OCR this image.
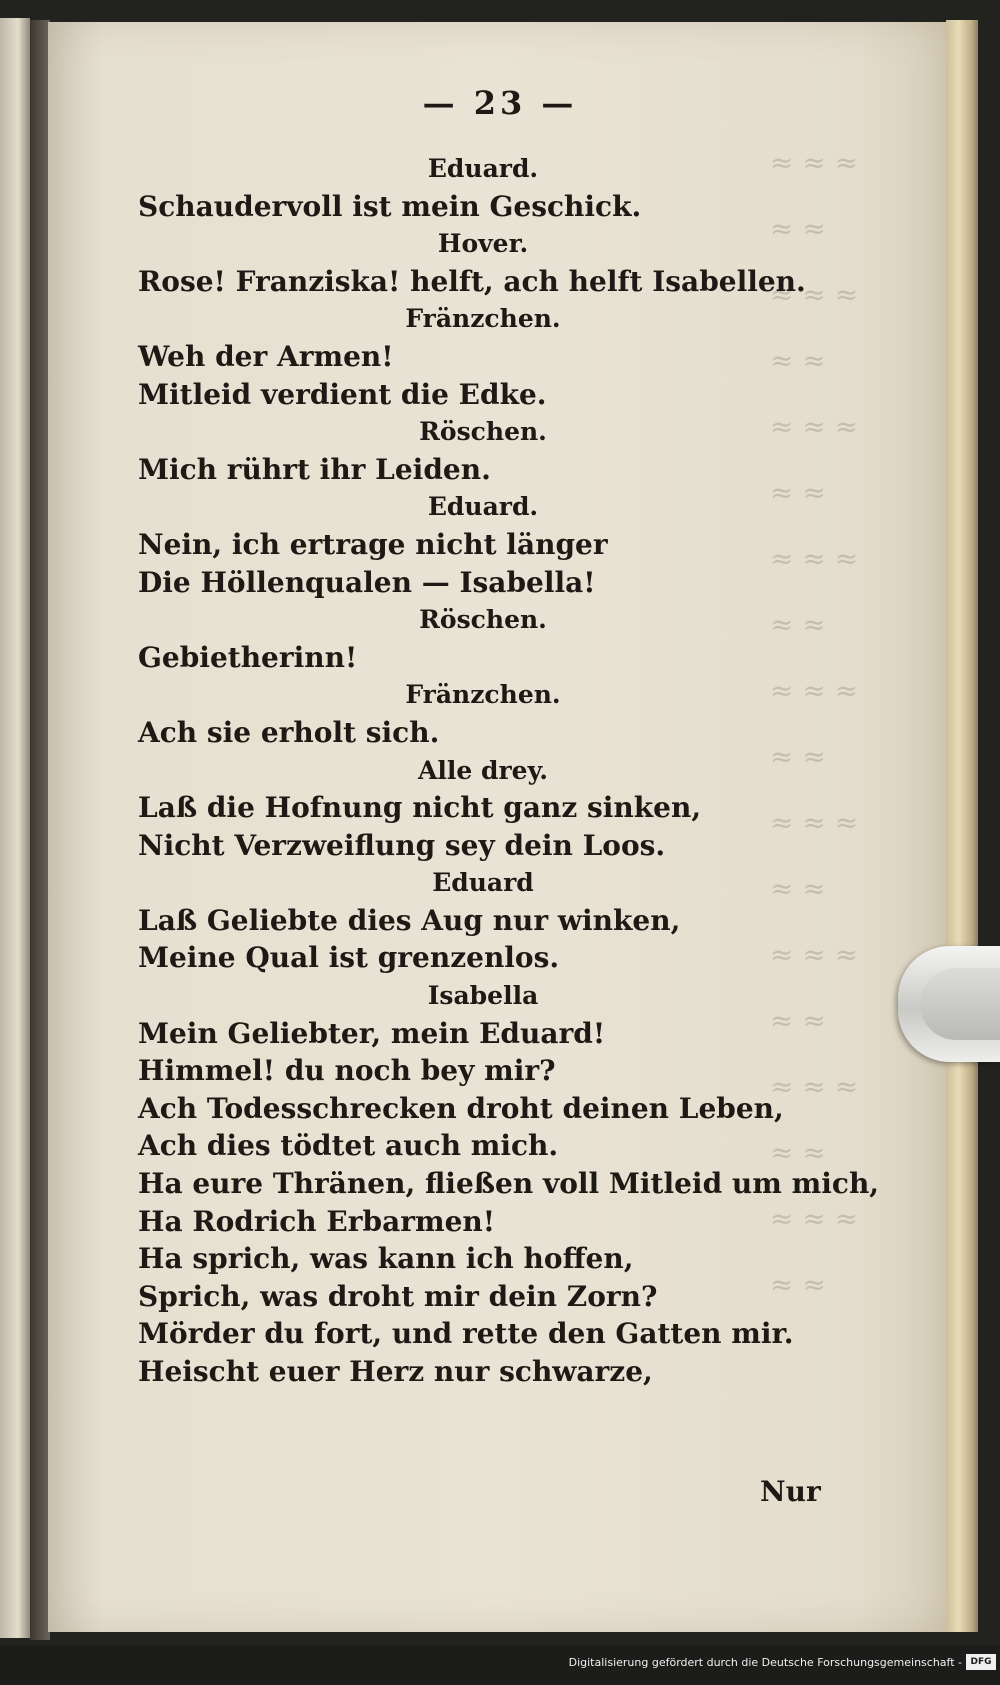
≈ ≈ ≈
≈ ≈
≈ ≈ ≈
≈ ≈
≈ ≈ ≈
≈ ≈
≈ ≈ ≈
≈ ≈
≈ ≈ ≈
≈ ≈
≈ ≈ ≈
≈ ≈
≈ ≈ ≈
≈ ≈
≈ ≈ ≈
≈ ≈
≈ ≈ ≈
≈ ≈
— 23 —
Eduard.
Schaudervoll ist mein Geschick.
Hover.
Rose! Franziska! helft, ach helft Isabellen.
Fränzchen.
Weh der Armen!
Mitleid verdient die Edke.
Röschen.
Mich rührt ihr Leiden.
Eduard.
Nein, ich ertrage nicht länger
Die Höllenqualen — Isabella!
Röschen.
Gebietherinn!
Fränzchen.
Ach sie erholt sich.
Alle drey.
Laß die Hofnung nicht ganz sinken,
Nicht Verzweiflung sey dein Loos.
Eduard
Laß Geliebte dies Aug nur winken,
Meine Qual ist grenzenlos.
Isabella
Mein Geliebter, mein Eduard!
Himmel! du noch bey mir?
Ach Todesschrecken droht deinen Leben,
Ach dies tödtet auch mich.
Ha eure Thränen, fließen voll Mitleid um mich,
Ha Rodrich Erbarmen!
Ha sprich, was kann ich hoffen,
Sprich, was droht mir dein Zorn?
Mörder du fort, und rette den Gatten mir.
Heischt euer Herz nur schwarze,
Nur
Digitalisierung gefördert durch die Deutsche Forschungsgemeinschaft - DFG
